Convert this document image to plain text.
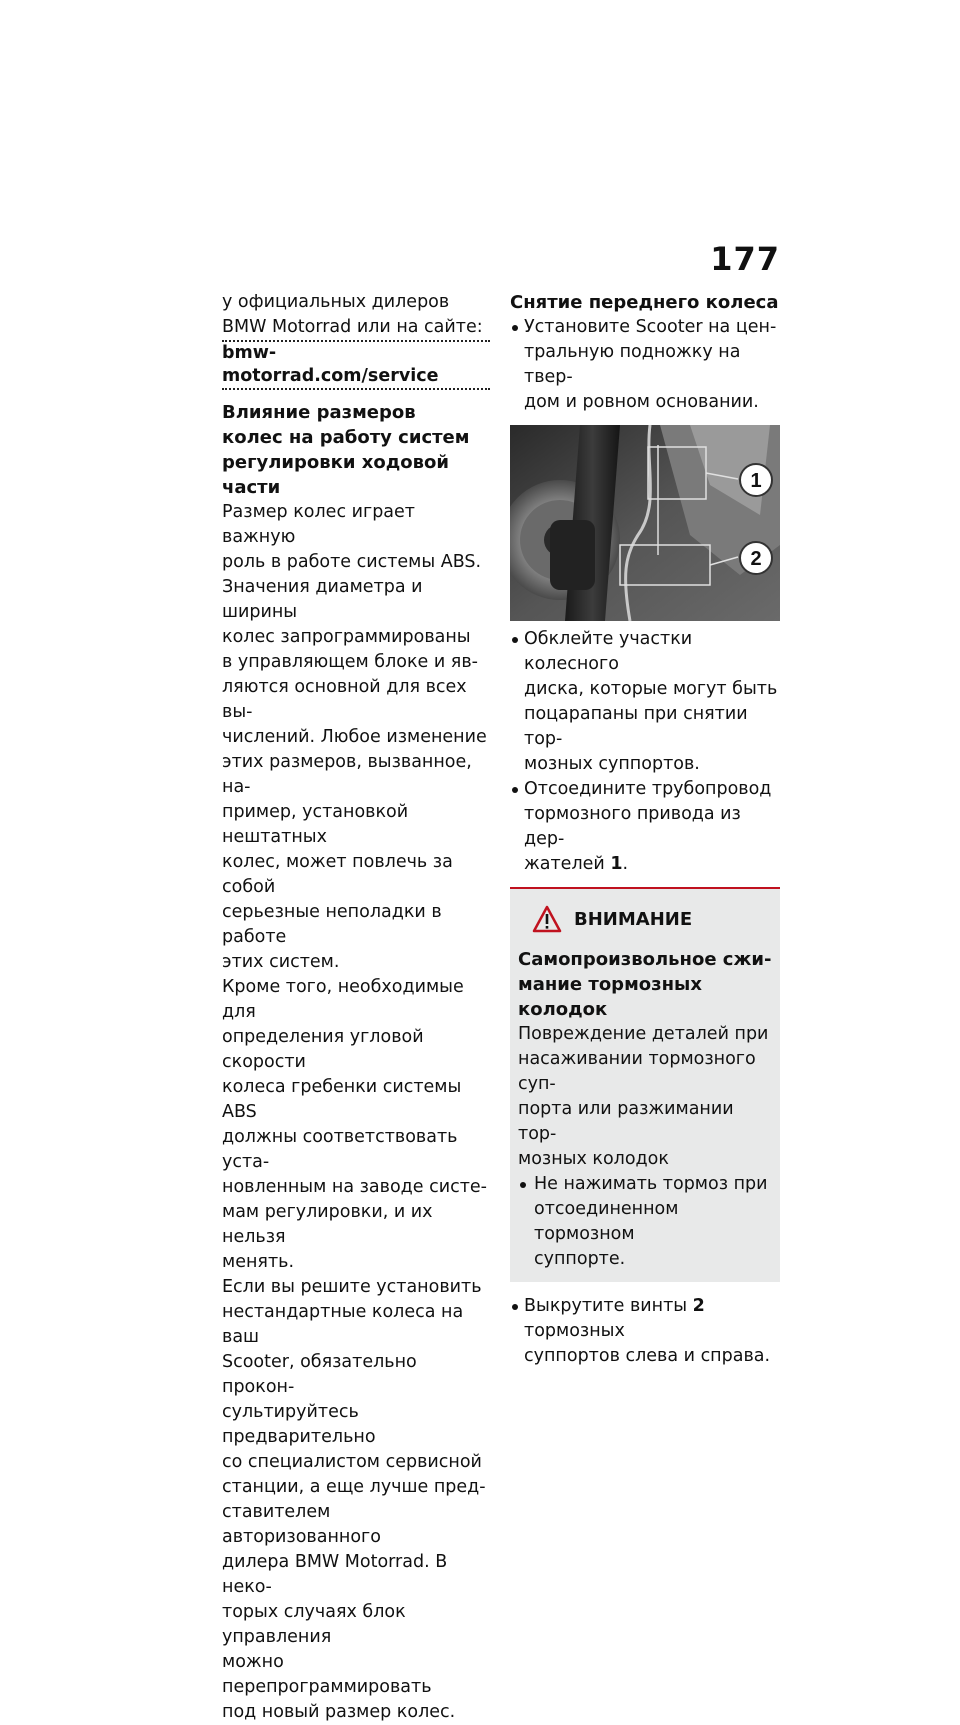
177

у официальных дилеров

BMW Motorrad или на сайте:

bmw-motorrad.com/service

Влияние размеров

колес на работу систем

регулировки ходовой части

Размер колес играет важную

роль в работе системы ABS.

Значения диаметра и ширины

колес запрограммированы

в управляющем блоке и яв-

ляются основной для всех вы-

числений. Любое изменение

этих размеров, вызванное, на-

пример, установкой нештатных

колес, может повлечь за собой

серьезные неполадки в работе

этих систем.

Кроме того, необходимые для

определения угловой скорости

колеса гребенки системы ABS

должны соответствовать уста-

новленным на заводе систе-

мам регулировки, и их нельзя

менять.

Если вы решите установить

нестандартные колеса на ваш

Scooter, обязательно прокон-

сультируйтесь предварительно

со специалистом сервисной

станции, а еще лучше пред-

ставителем авторизованного

дилера BMW Motorrad. В неко-

торых случаях блок управления

можно перепрограммировать

под новый размер колес.

Снятие переднего колеса

Установите Scooter на цен-
тральную подножку на твер-
дом и ровном основании.
1
2
Обклейте участки колесного
диска, которые могут быть
поцарапаны при снятии тор-
мозных суппортов.
Отсоедините трубопровод
тормозного привода из дер-
жателей 1.
ВНИМАНИЕ

Самопроизвольное сжи-

мание тормозных колодок

Повреждение деталей при

насаживании тормозного суп-

порта или разжимании тор-

мозных колодок

Не нажимать тормоз при
отсоединенном тормозном
суппорте.
Выкрутите винты 2 тормозных
суппортов слева и справа.
